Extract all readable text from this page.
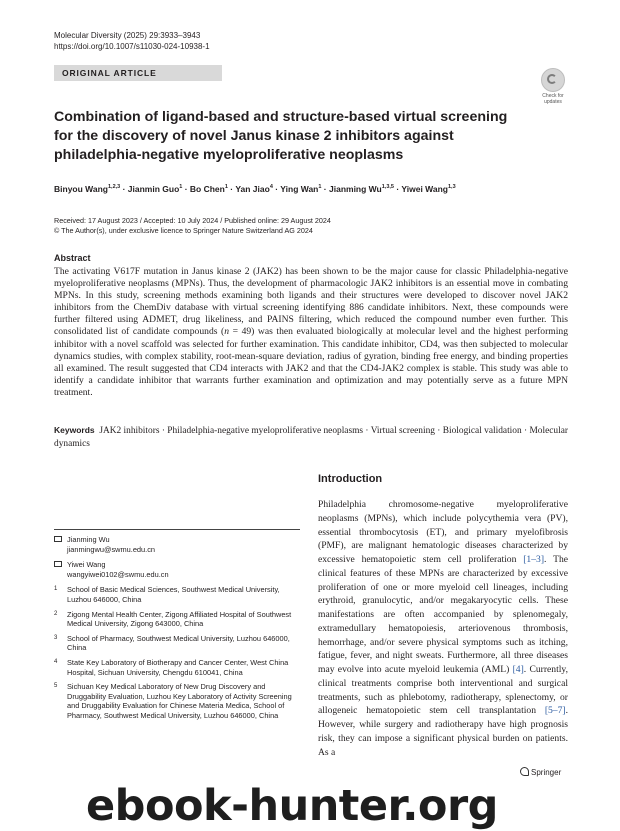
Molecular Diversity (2025) 29:3933–3943
https://doi.org/10.1007/s11030-024-10938-1
ORIGINAL ARTICLE
Check for
updates
Combination of ligand-based and structure-based virtual screening for the discovery of novel Janus kinase 2 inhibitors against philadelphia-negative myeloproliferative neoplasms
Binyou Wang$^{1,2,3}$ · Jianmin Guo$^1$ · Bo Chen$^1$ · Yan Jiao$^4$ · Ying Wan$^1$ · Jianming Wu$^{1,3,5}$ · Yiwei Wang$^{1,3}$
Received: 17 August 2023 / Accepted: 10 July 2024 / Published online: 29 August 2024
© The Author(s), under exclusive licence to Springer Nature Switzerland AG 2024
Abstract
The activating V617F mutation in Janus kinase 2 (JAK2) has been shown to be the major cause for classic Philadelphia-negative myeloproliferative neoplasms (MPNs). Thus, the development of pharmacologic JAK2 inhibitors is an essential move in combating MPNs. In this study, screening methods examining both ligands and their structures were developed to discover novel JAK2 inhibitors from the ChemDiv database with virtual screening identifying 886 candidate inhibitors. Next, these compounds were further filtered using ADMET, drug likeliness, and PAINS filtering, which reduced the compound number even further. This consolidated list of candidate compounds (n = 49) was then evaluated biologically at molecular level and the highest performing inhibitor with a novel scaffold was selected for further examination. This candidate inhibitor, CD4, was then subjected to molecular dynamics studies, with complex stability, root-mean-square deviation, radius of gyration, binding free energy, and binding properties all examined. The result suggested that CD4 interacts with JAK2 and that the CD4-JAK2 complex is stable. This study was able to identify a candidate inhibitor that warrants further examination and optimization and may potentially serve as a future MPN treatment.
Keywords JAK2 inhibitors · Philadelphia-negative myeloproliferative neoplasms · Virtual screening · Biological validation · Molecular dynamics
Introduction
Philadelphia chromosome-negative myeloproliferative neoplasms (MPNs), which include polycythemia vera (PV), essential thrombocytosis (ET), and primary myelofibrosis (PMF), are malignant hematologic diseases characterized by excessive hematopoietic stem cell proliferation [1–3]. The clinical features of these MPNs are characterized by excessive proliferation of one or more myeloid cell lineages, including erythroid, granulocytic, and/or megakaryocytic cells. These manifestations are often accompanied by splenomegaly, extramedullary hematopoiesis, arteriovenous thrombosis, hemorrhage, and/or severe physical symptoms such as itching, fatigue, fever, and night sweats. Furthermore, all three diseases may evolve into acute myeloid leukemia (AML) [4]. Currently, clinical treatments comprise both interventional and surgical treatments, such as phlebotomy, radiotherapy, splenectomy, or allogeneic hematopoietic stem cell transplantation [5–7]. However, while surgery and radiotherapy have high prognosis risk, they can impose a significant physical burden on patients. As a
Jianming Wu
jianmingwu@swmu.edu.cn
Yiwei Wang
wangyiwei0102@swmu.edu.cn
1 School of Basic Medical Sciences, Southwest Medical University, Luzhou 646000, China
2 Zigong Mental Health Center, Zigong Affiliated Hospital of Southwest Medical University, Zigong 643000, China
3 School of Pharmacy, Southwest Medical University, Luzhou 646000, China
4 State Key Laboratory of Biotherapy and Cancer Center, West China Hospital, Sichuan University, Chengdu 610041, China
5 Sichuan Key Medical Laboratory of New Drug Discovery and Druggability Evaluation, Luzhou Key Laboratory of Activity Screening and Druggability Evaluation for Chinese Materia Medica, School of Pharmacy, Southwest Medical University, Luzhou 646000, China
Springer
ebook-hunter.org
